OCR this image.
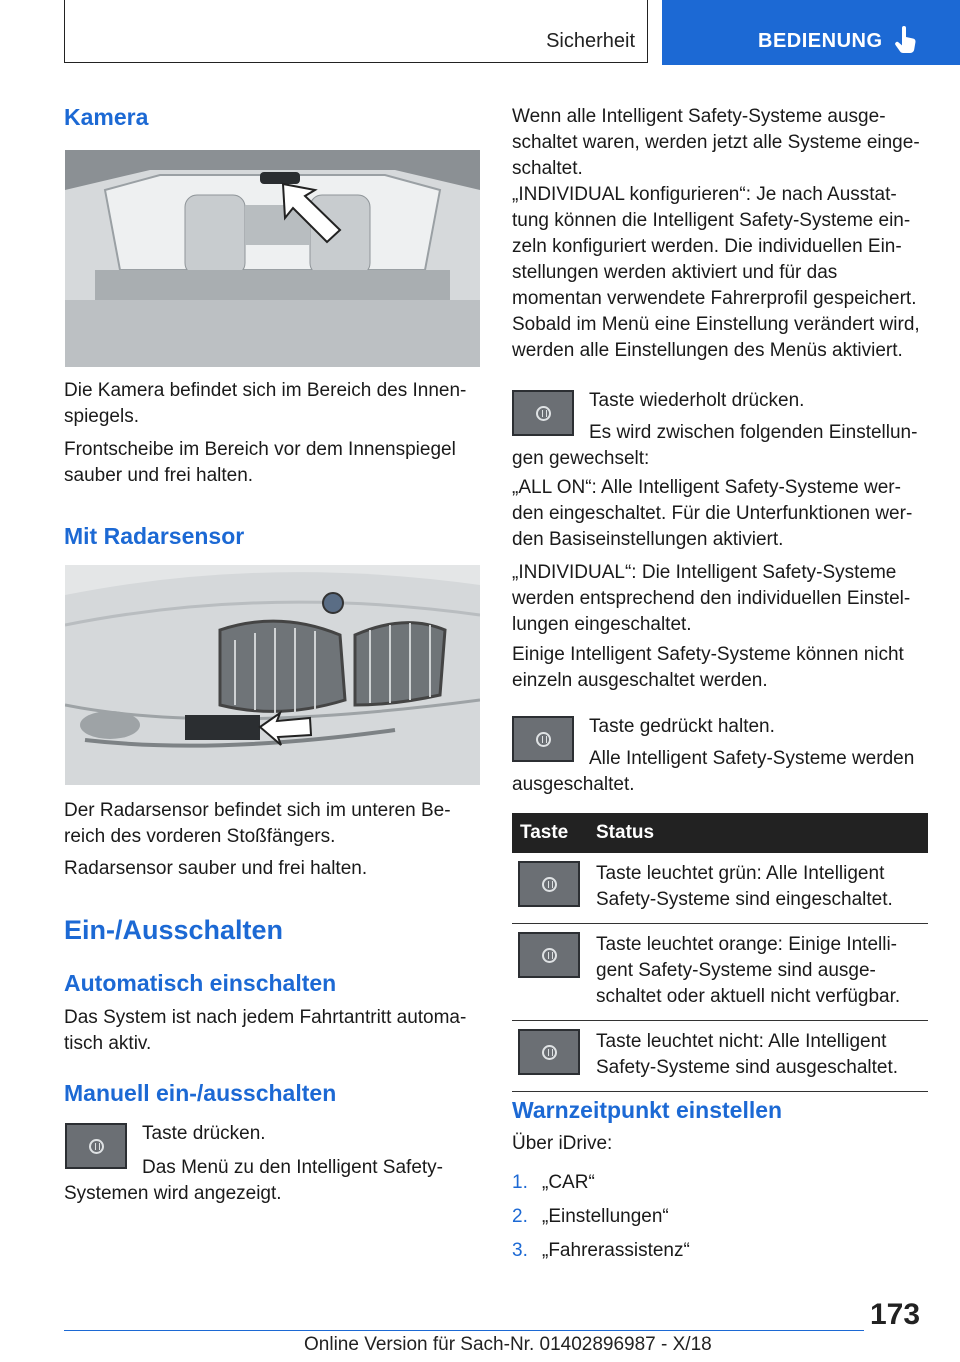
Sicherheit	BEDIENUNG
Kamera

Die Kamera befindet sich im Bereich des Innen-
spiegels.

Frontscheibe im Bereich vor dem Innenspiegel
sauber und frei halten.

Mit Radarsensor

Der Radarsensor befindet sich im unteren Be-
reich des vorderen Stoßfängers.

Radarsensor sauber und frei halten.

Ein-/Ausschalten
Automatisch einschalten

Das System ist nach jedem Fahrtantritt automa-
tisch aktiv.

Manuell ein-/ausschalten

Taste drücken.

Das Menü zu den Intelligent Safety-

Systemen wird angezeigt.

Wenn alle Intelligent Safety-Systeme ausge-
schaltet waren, werden jetzt alle Systeme einge-
schaltet.

„INDIVIDUAL konfigurieren“: Je nach Ausstat-
tung können die Intelligent Safety-Systeme ein-
zeln konfiguriert werden. Die individuellen Ein-
stellungen werden aktiviert und für das
momentan verwendete Fahrerprofil gespeichert.
Sobald im Menü eine Einstellung verändert wird,
werden alle Einstellungen des Menüs aktiviert.

Taste wiederholt drücken.

Es wird zwischen folgenden Einstellun-

gen gewechselt:

„ALL ON“: Alle Intelligent Safety-Systeme wer-
den eingeschaltet. Für die Unterfunktionen wer-
den Basiseinstellungen aktiviert.

„INDIVIDUAL“: Die Intelligent Safety-Systeme
werden entsprechend den individuellen Einstel-
lungen eingeschaltet.

Einige Intelligent Safety-Systeme können nicht
einzeln ausgeschaltet werden.

Taste gedrückt halten.

Alle Intelligent Safety-Systeme werden

ausgeschaltet.

Taste	Status

	Taste leuchtet grün: Alle Intelligent
Safety-Systeme sind eingeschaltet.

	Taste leuchtet orange: Einige Intelli-
gent Safety-Systeme sind ausge-
schaltet oder aktuell nicht verfügbar.

	Taste leuchtet nicht: Alle Intelligent
Safety-Systeme sind ausgeschaltet.
Warnzeitpunkt einstellen

Über iDrive:

1. „CAR“
2. „Einstellungen“
3. „Fahrerassistenz“
173
Online Version für Sach-Nr. 01402896987 - X/18
